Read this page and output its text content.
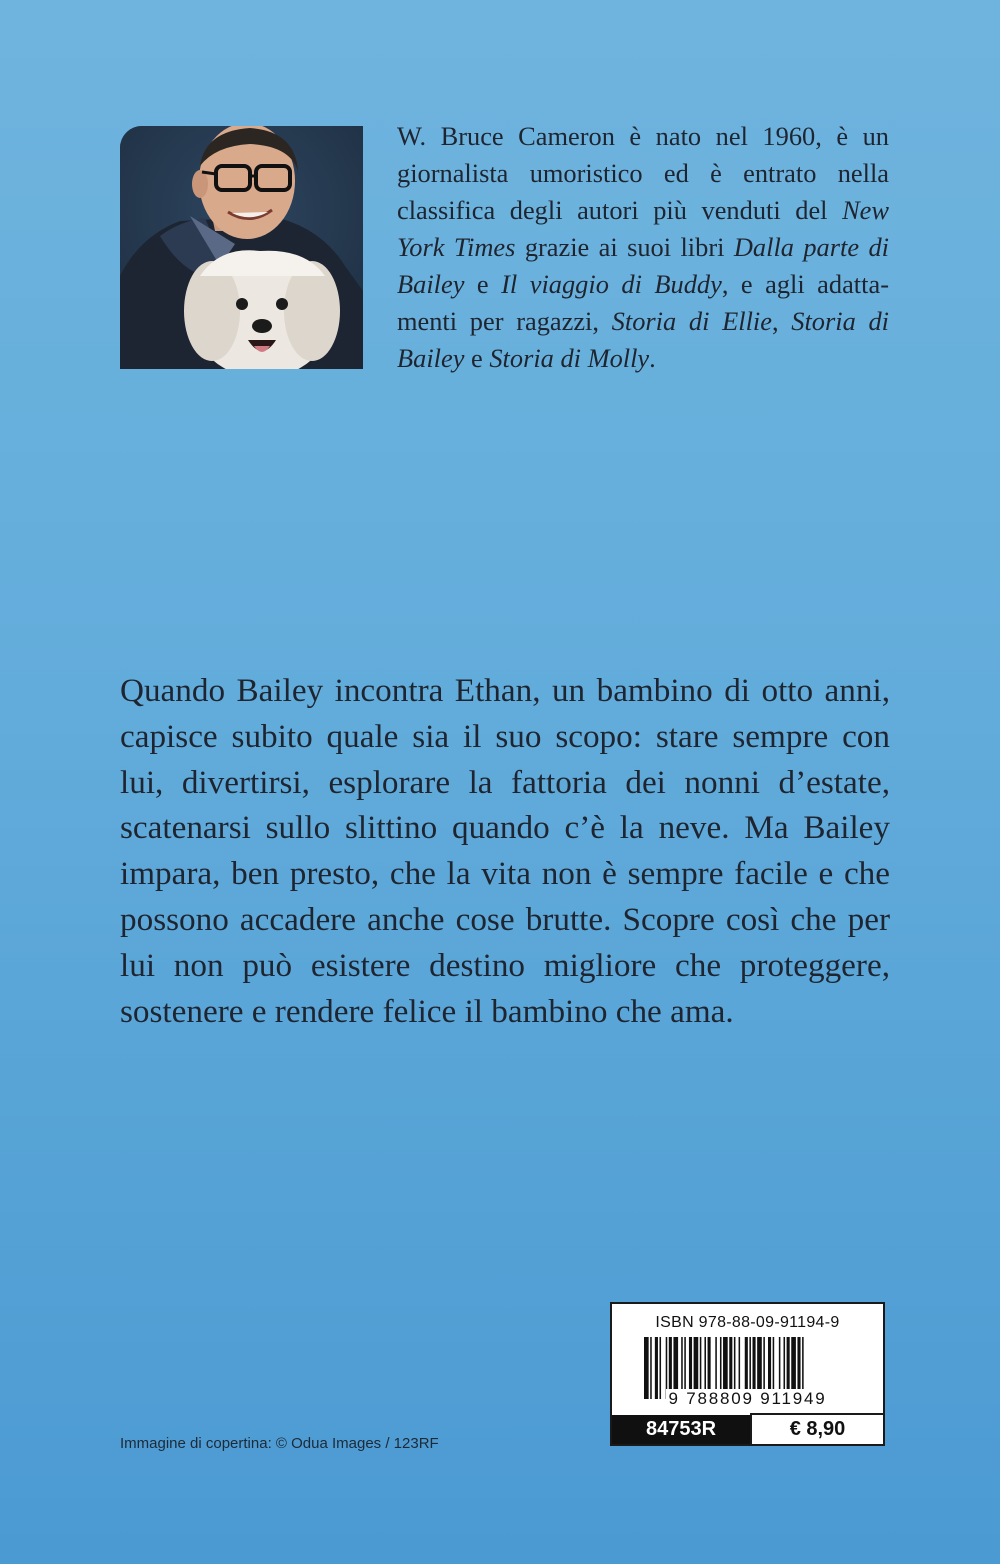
W. Bruce Cameron è nato nel 1960, è un giornalista umoristico ed è entrato nella classifica degli autori più venduti del New York Times grazie ai suoi libri Dalla parte di Bailey e Il viaggio di Buddy, e agli adattamenti per ragazzi, Storia di Ellie, Storia di Bailey e Storia di Molly.

Quando Bailey incontra Ethan, un bambino di otto anni, capisce subito quale sia il suo scopo: stare sempre con lui, divertirsi, esplorare la fattoria dei nonni d’estate, scatenarsi sullo slittino quando c’è la neve. Ma Bailey impara, ben presto, che la vita non è sempre facile e che possono accadere anche cose brutte. Scopre così che per lui non può esistere destino migliore che proteggere, sostenere e rendere felice il bambino che ama.

Immagine di copertina: © Odua Images / 123RF
ISBN 978-88-09-91194-9
9 788809 911949
84753R	€ 8,90
